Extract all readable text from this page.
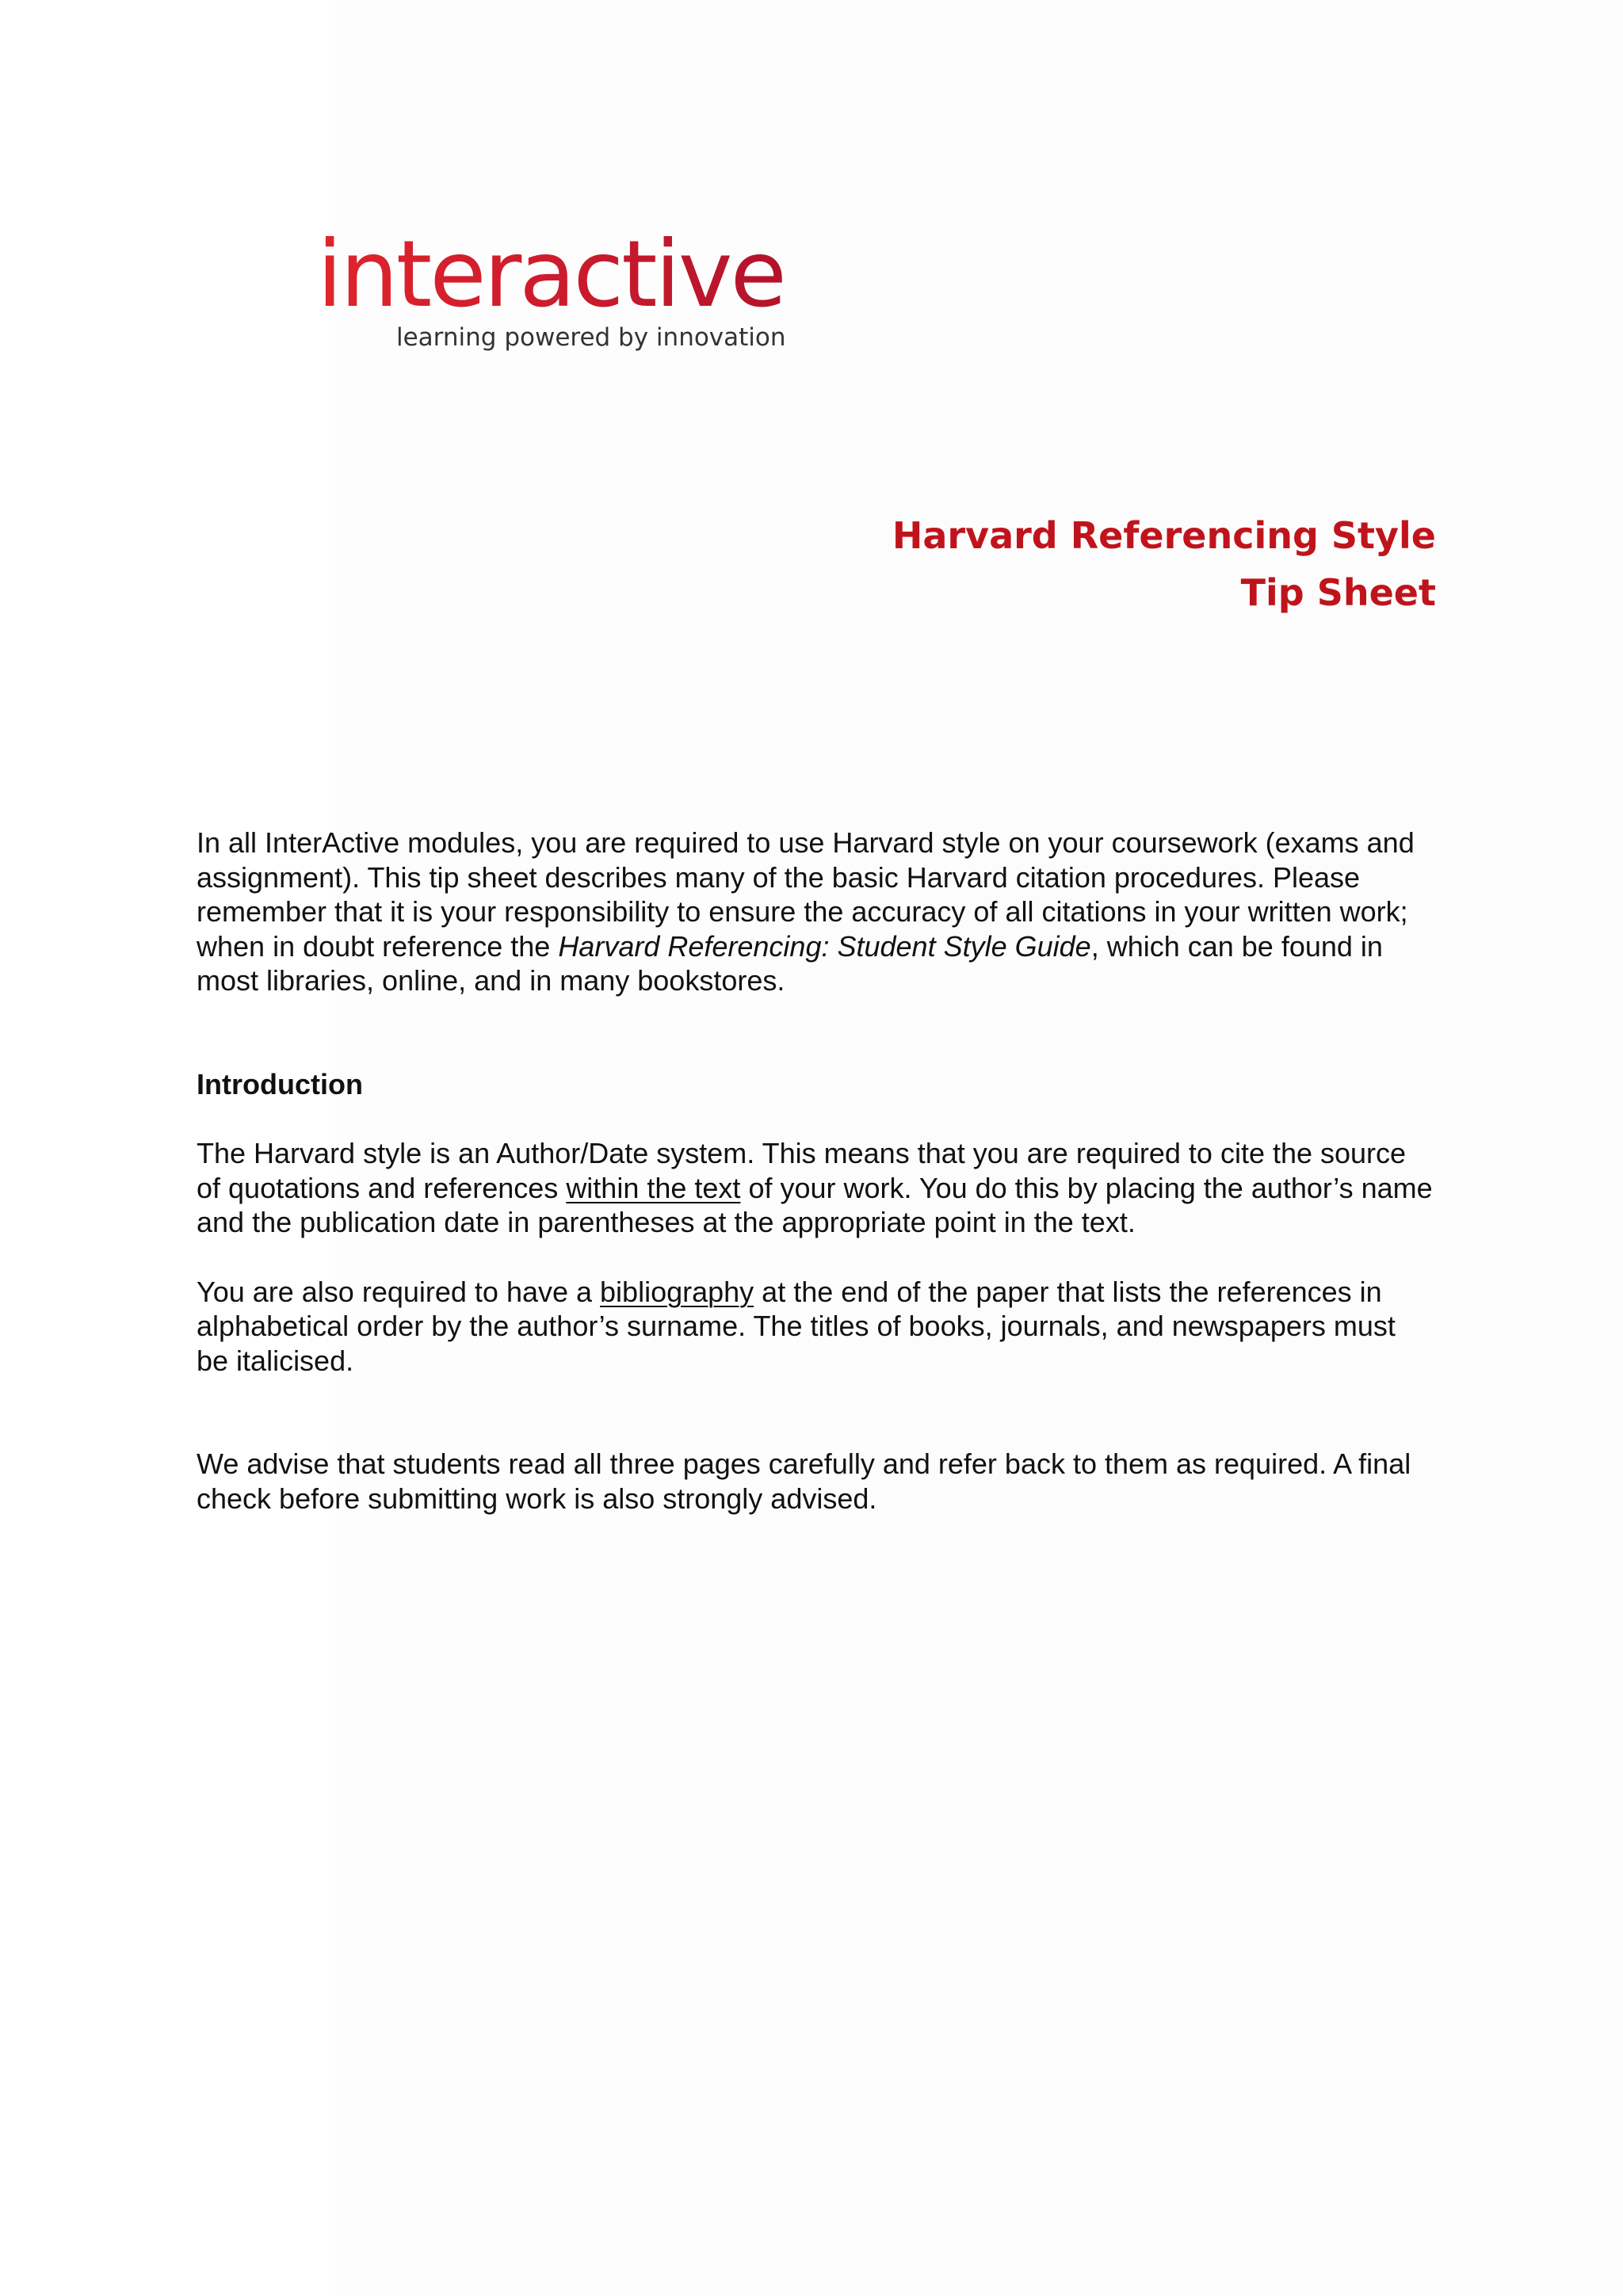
interactive
learning powered by innovation
Harvard Referencing Style
Tip Sheet

In all InterActive modules, you are required to use Harvard style on your coursework (exams and assignment). This tip sheet describes many of the basic Harvard citation procedures. Please remember that it is your responsibility to ensure the accuracy of all citations in your written work; when in doubt reference the Harvard Referencing: Student Style Guide, which can be found in most libraries, online, and in many bookstores.

Introduction

The Harvard style is an Author/Date system. This means that you are required to cite the source of quotations and references within the text of your work. You do this by placing the author’s name and the publication date in parentheses at the appropriate point in the text.

You are also required to have a bibliography at the end of the paper that lists the references in alphabetical order by the author’s surname. The titles of books, journals, and newspapers must be italicised.

We advise that students read all three pages carefully and refer back to them as required. A final check before submitting work is also strongly advised.
